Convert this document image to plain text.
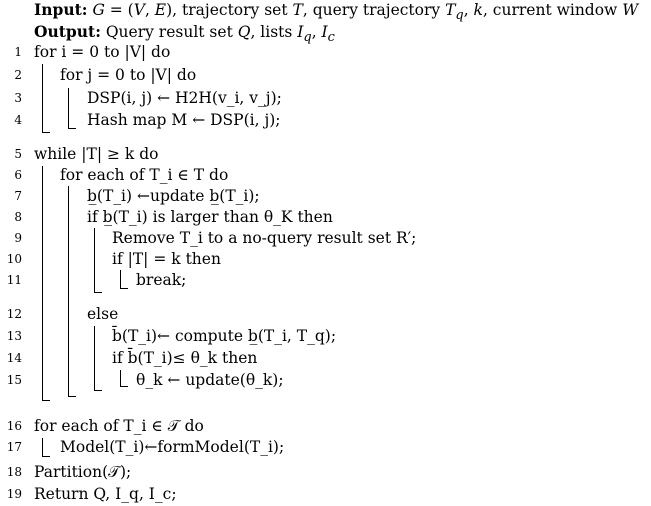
Input: G = (V, E), trajectory set T, query trajectory $T_q$, k, current window W
Output: Query result set Q, lists $I_q$, $I_c$
1
2
3
4
5
6
7
8
9
10
11
12
13
14
15
16
17
18
19
for i = 0 to |V| do
for j = 0 to |V| do
DSP(i, j) ← H2H(v_i, v_j);
Hash map M ← DSP(i, j);
while |T| ≥ k do
for each of T_i ∈ T do
b̲(T_i) ←update b̲(T_i);
if b̲(T_i) is larger than θ_K then
Remove T_i to a no-query result set R′;
if |T| = k then
break;
else
b̄(T_i)← compute b̲(T_i, T_q);
if b̄(T_i)≤ θ_k then
θ_k ← update(θ_k);
for each of T_i ∈ 𝒯 do
Model(T_i)←formModel(T_i);
Partition(𝒯);
Return Q, I_q, I_c;
